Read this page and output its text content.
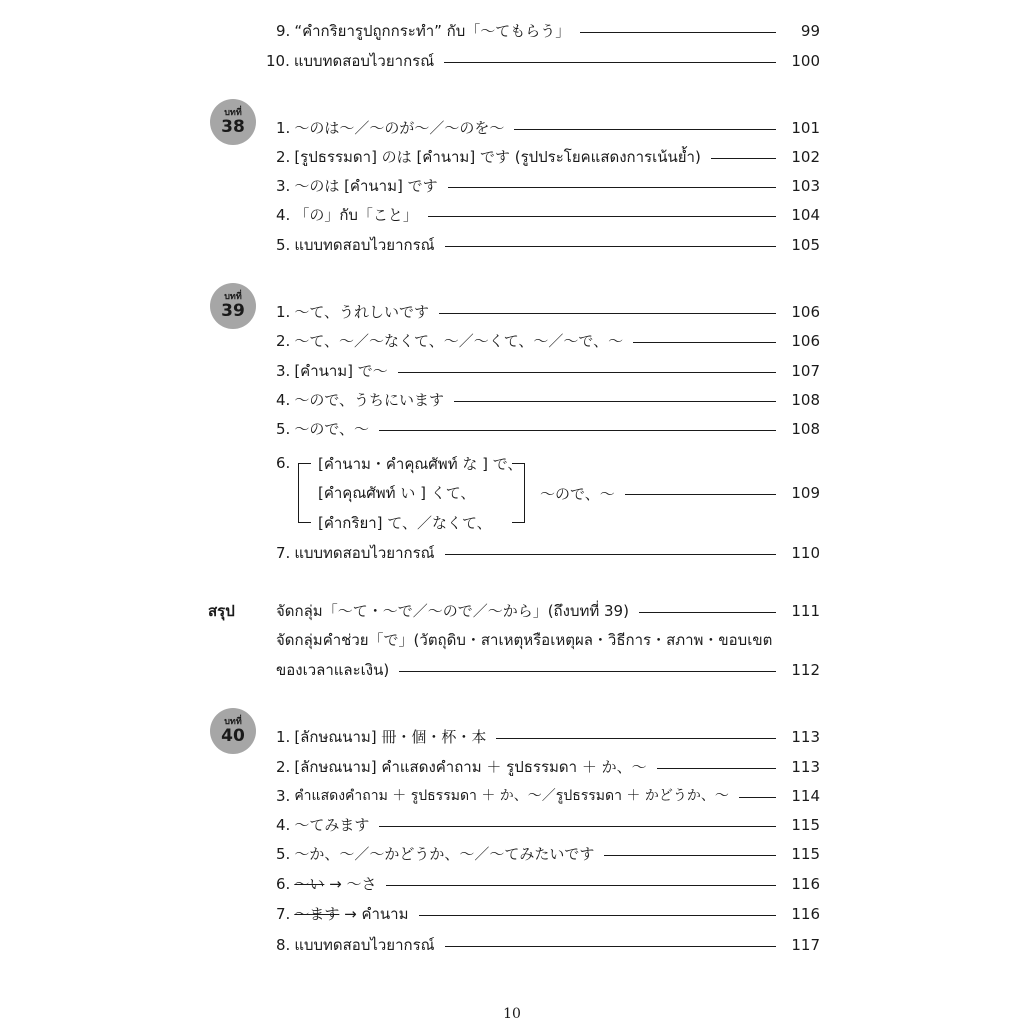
9. “คำกริยารูปถูกกระทำ” กับ「～てもらう」	99
10. แบบทดสอบไวยากรณ์	100
บทที่
38	1. ～のは～／～のが～／～のを～	101
2. [รูปธรรมดา] のは [คำนาม] です (รูปประโยคแสดงการเน้นย้ำ)	102
3. ～のは [คำนาม] です	103
4. 「の」กับ「こと」	104
5. แบบทดสอบไวยากรณ์	105
บทที่
39	1. ～て、うれしいです	106
2. ～て、～／～なくて、～／～くて、～／～で、～	106
3. [คำนาม] で～	107
4. ～ので、うちにいます	108
5. ～ので、～	108
6. [คำนาม・คำคุณศัพท์ な ] で、
[คำคุณศัพท์ い ] くて、
[คำกริยา] て、／なくて、
～ので、～	109
7. แบบทดสอบไวยากรณ์	110
สรุป	จัดกลุ่ม「～て・～で／～ので／～から」(ถึงบทที่ 39)	111
จัดกลุ่มคำช่วย「で」(วัตถุดิบ・สาเหตุหรือเหตุผล・วิธีการ・สภาพ・ขอบเขต
ของเวลาและเงิน)	112
บทที่
40	1. [ลักษณนาม] 冊・個・杯・本	113
2. [ลักษณนาม] คำแสดงคำถาม ＋ รูปธรรมดา ＋ か、～	113
3. คำแสดงคำถาม ＋ รูปธรรมดา ＋ か、～／รูปธรรมดา ＋ かどうか、～	114
4. ～てみます	115
5. ～か、～／～かどうか、～／～てみたいです	115
6. ～い → ～さ	116
7. ～ます → คำนาม	116
8. แบบทดสอบไวยากรณ์	117
10
